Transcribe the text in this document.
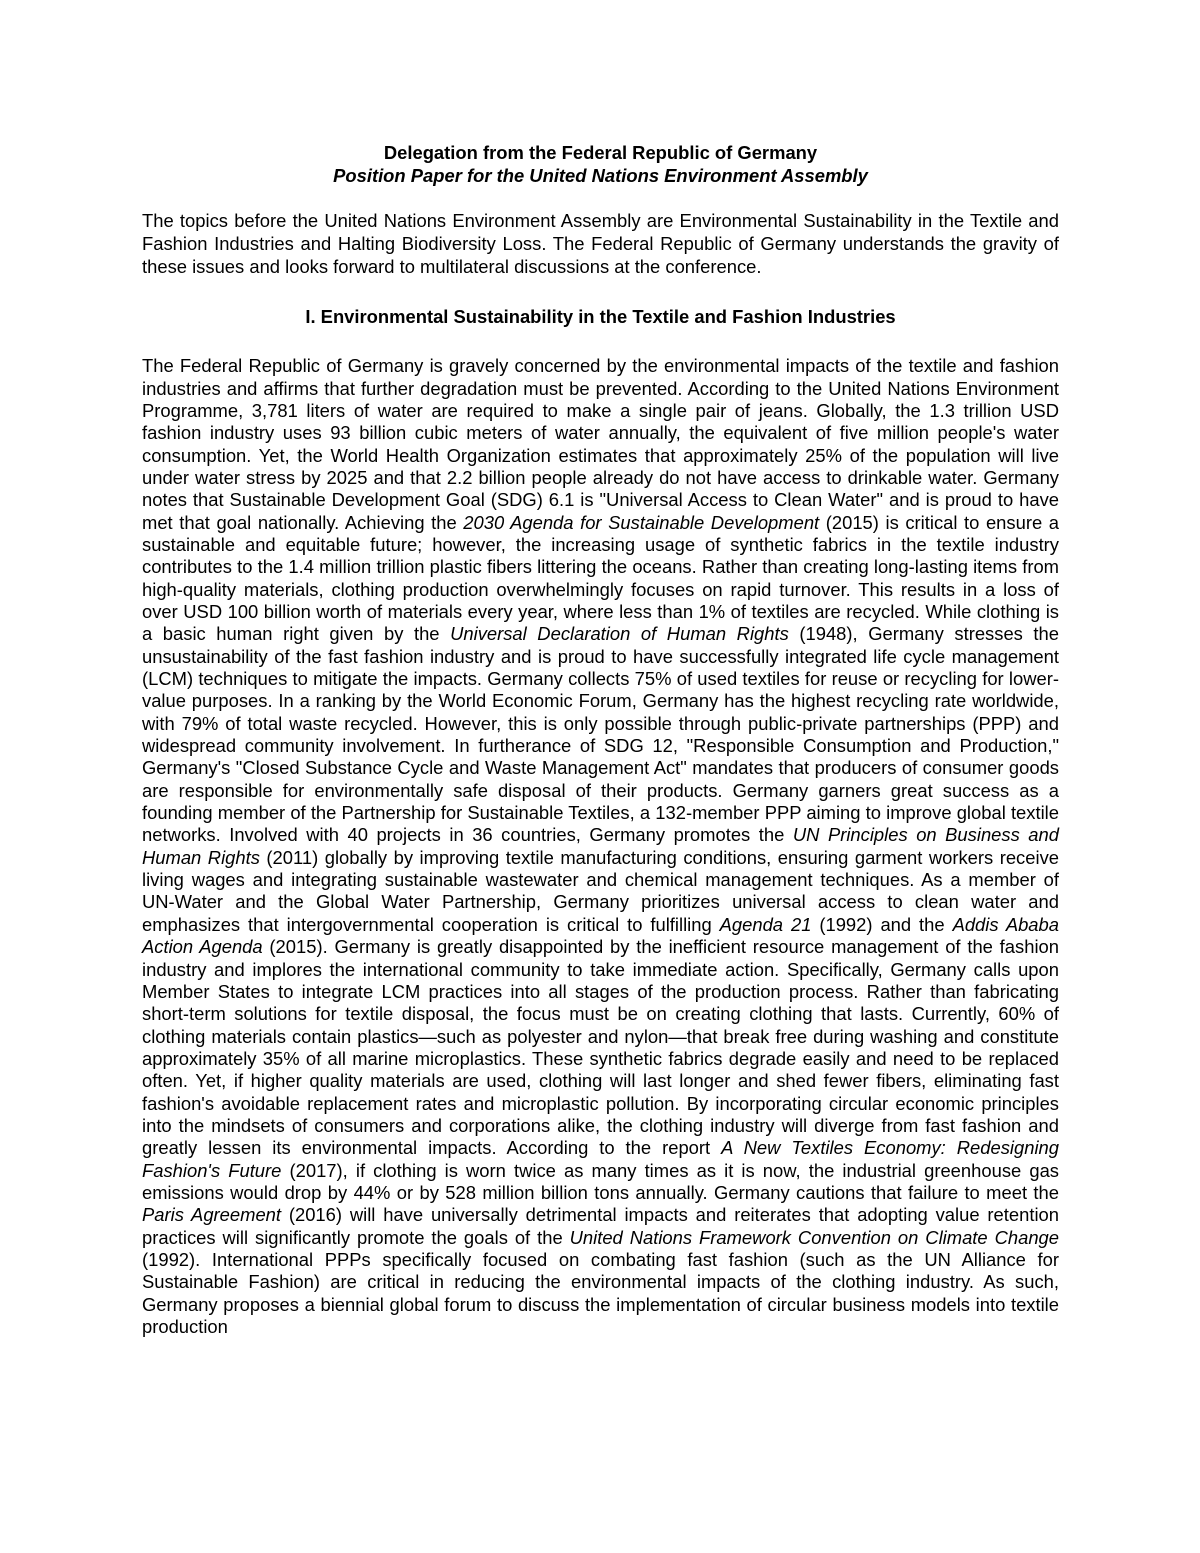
Delegation from the Federal Republic of Germany

Position Paper for the United Nations Environment Assembly

The topics before the United Nations Environment Assembly are Environmental Sustainability in the Textile and Fashion Industries and Halting Biodiversity Loss. The Federal Republic of Germany understands the gravity of these issues and looks forward to multilateral discussions at the conference.

I. Environmental Sustainability in the Textile and Fashion Industries

The Federal Republic of Germany is gravely concerned by the environmental impacts of the textile and fashion industries and affirms that further degradation must be prevented. According to the United Nations Environment Programme, 3,781 liters of water are required to make a single pair of jeans. Globally, the 1.3 trillion USD fashion industry uses 93 billion cubic meters of water annually, the equivalent of five million people's water consumption. Yet, the World Health Organization estimates that approximately 25% of the population will live under water stress by 2025 and that 2.2 billion people already do not have access to drinkable water. Germany notes that Sustainable Development Goal (SDG) 6.1 is "Universal Access to Clean Water" and is proud to have met that goal nationally. Achieving the 2030 Agenda for Sustainable Development (2015) is critical to ensure a sustainable and equitable future; however, the increasing usage of synthetic fabrics in the textile industry contributes to the 1.4 million trillion plastic fibers littering the oceans. Rather than creating long-lasting items from high-quality materials, clothing production overwhelmingly focuses on rapid turnover. This results in a loss of over USD 100 billion worth of materials every year, where less than 1% of textiles are recycled. While clothing is a basic human right given by the Universal Declaration of Human Rights (1948), Germany stresses the unsustainability of the fast fashion industry and is proud to have successfully integrated life cycle management (LCM) techniques to mitigate the impacts. Germany collects 75% of used textiles for reuse or recycling for lower-value purposes. In a ranking by the World Economic Forum, Germany has the highest recycling rate worldwide, with 79% of total waste recycled. However, this is only possible through public-private partnerships (PPP) and widespread community involvement. In furtherance of SDG 12, "Responsible Consumption and Production," Germany's "Closed Substance Cycle and Waste Management Act" mandates that producers of consumer goods are responsible for environmentally safe disposal of their products. Germany garners great success as a founding member of the Partnership for Sustainable Textiles, a 132-member PPP aiming to improve global textile networks. Involved with 40 projects in 36 countries, Germany promotes the UN Principles on Business and Human Rights (2011) globally by improving textile manufacturing conditions, ensuring garment workers receive living wages and integrating sustainable wastewater and chemical management techniques. As a member of UN-Water and the Global Water Partnership, Germany prioritizes universal access to clean water and emphasizes that intergovernmental cooperation is critical to fulfilling Agenda 21 (1992) and the Addis Ababa Action Agenda (2015). Germany is greatly disappointed by the inefficient resource management of the fashion industry and implores the international community to take immediate action. Specifically, Germany calls upon Member States to integrate LCM practices into all stages of the production process. Rather than fabricating short-term solutions for textile disposal, the focus must be on creating clothing that lasts. Currently, 60% of clothing materials contain plastics—such as polyester and nylon—that break free during washing and constitute approximately 35% of all marine microplastics. These synthetic fabrics degrade easily and need to be replaced often. Yet, if higher quality materials are used, clothing will last longer and shed fewer fibers, eliminating fast fashion's avoidable replacement rates and microplastic pollution. By incorporating circular economic principles into the mindsets of consumers and corporations alike, the clothing industry will diverge from fast fashion and greatly lessen its environmental impacts. According to the report A New Textiles Economy: Redesigning Fashion's Future (2017), if clothing is worn twice as many times as it is now, the industrial greenhouse gas emissions would drop by 44% or by 528 million billion tons annually. Germany cautions that failure to meet the Paris Agreement (2016) will have universally detrimental impacts and reiterates that adopting value retention practices will significantly promote the goals of the United Nations Framework Convention on Climate Change (1992). International PPPs specifically focused on combating fast fashion (such as the UN Alliance for Sustainable Fashion) are critical in reducing the environmental impacts of the clothing industry. As such, Germany proposes a biennial global forum to discuss the implementation of circular business models into textile production
